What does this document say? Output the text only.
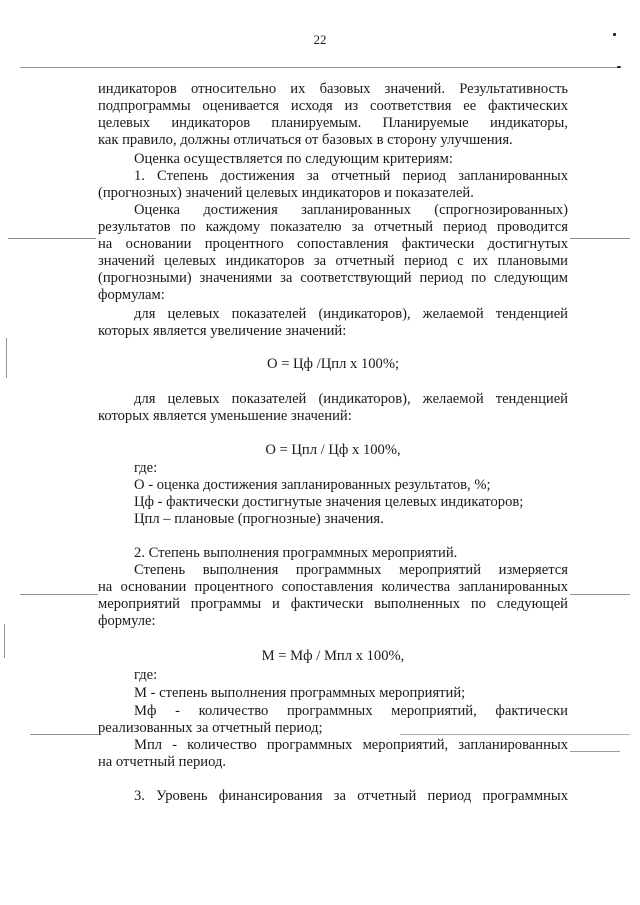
22
индикаторов относительно их базовых значений. Результативность
подпрограммы оценивается исходя из соответствия ее фактических
целевых индикаторов планируемым. Планируемые индикаторы,
как правило, должны отличаться от базовых в сторону улучшения.
Оценка осуществляется по следующим критериям:
1. Степень достижения за отчетный период запланированных
(прогнозных) значений целевых индикаторов и показателей.
Оценка достижения запланированных (спрогнозированных)
результатов по каждому показателю за отчетный период проводится
на основании процентного сопоставления фактически достигнутых
значений целевых индикаторов за отчетный период с их плановыми
(прогнозными) значениями за соответствующий период по следующим
формулам:
для целевых показателей (индикаторов), желаемой тенденцией
которых является увеличение значений:
О = Цф /Цпл х 100%;
для целевых показателей (индикаторов), желаемой тенденцией
которых является уменьшение значений:
О = Цпл / Цф х 100%,
где:
О - оценка достижения запланированных результатов, %;
Цф - фактически достигнутые значения целевых индикаторов;
Цпл – плановые (прогнозные) значения.
2. Степень выполнения программных мероприятий.
Степень выполнения программных мероприятий измеряется
на основании процентного сопоставления количества запланированных
мероприятий программы и фактически выполненных по следующей
формуле:
М = Мф / Мпл х 100%,
где:
М - степень выполнения программных мероприятий;
Мф - количество программных мероприятий, фактически
реализованных за отчетный период;
Мпл - количество программных мероприятий, запланированных
на отчетный период.
3. Уровень финансирования за отчетный период программных
